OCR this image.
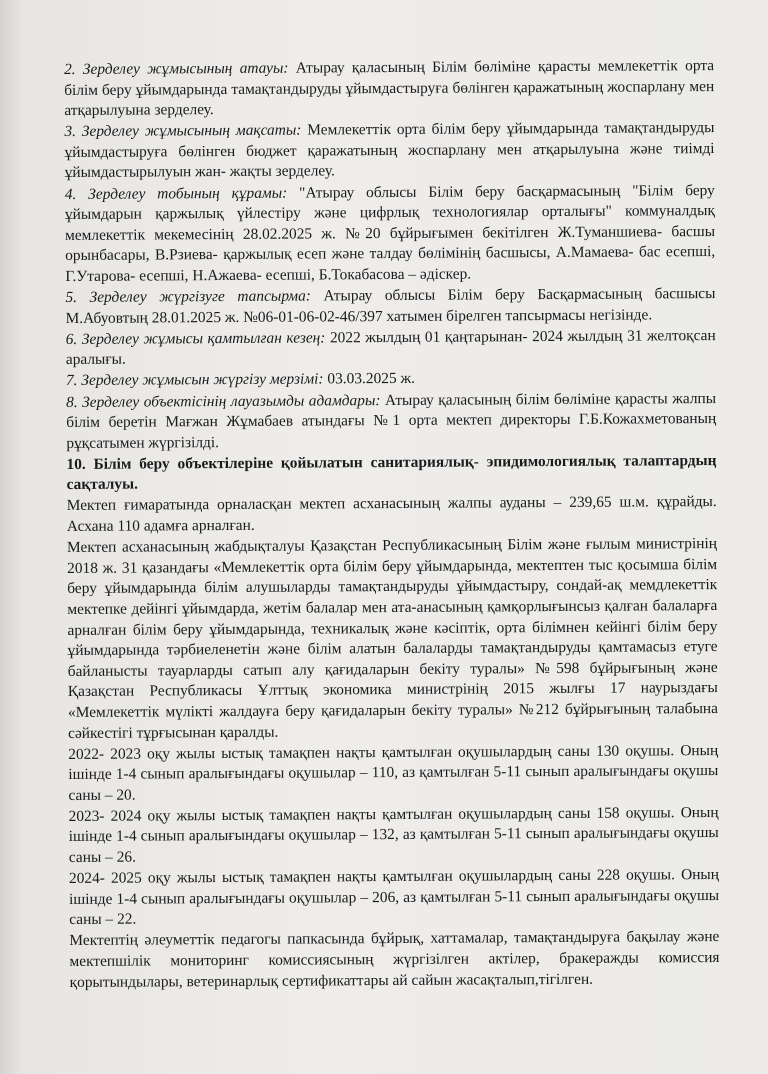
2. Зерделеу жұмысының атауы: Атырау қаласының Білім бөліміне қарасты мемлекеттік орта білім беру ұйымдарында тамақтандыруды ұйымдастыруға бөлінген қаражатының жоспарлану мен атқарылуына зерделеу.

3. Зерделеу жұмысының мақсаты: Мемлекеттік орта білім беру ұйымдарында тамақтандыруды ұйымдастыруға бөлінген бюджет қаражатының жоспарлану мен атқарылуына және тиімді ұйымдастырылуын жан- жақты зерделеу.

4. Зерделеу тобының құрамы: "Атырау облысы Білім беру басқармасының "Білім беру ұйымдарын қаржылық үйлестіру және цифрлық технологиялар орталығы" коммуналдық мемлекеттік мекемесінің 28.02.2025 ж. №20 бұйрығымен бекітілген Ж.Туманшиева- басшы орынбасары, В.Рзиева- қаржылық есеп және талдау бөлімінің басшысы, А.Мамаева- бас есепші, Г.Утарова- есепші, Н.Ажаева- есепші, Б.Токабасова – әдіскер.

5. Зерделеу жүргізуге тапсырма: Атырау облысы Білім беру Басқармасының басшысы М.Абуовтың 28.01.2025 ж. №06-01-06-02-46/397 хатымен бірелген тапсырмасы негізінде.

6. Зерделеу жұмысы қамтылған кезең: 2022 жылдың 01 қаңтарынан- 2024 жылдың 31 желтоқсан аралығы.

7. Зерделеу жұмысын жүргізу мерзімі: 03.03.2025 ж.

8. Зерделеу объектісінің лауазымды адамдары: Атырау қаласының білім бөліміне қарасты жалпы білім беретін Мағжан Жұмабаев атындағы №1 орта мектеп директоры Г.Б.Кожахметованың рұқсатымен жүргізілді.

10. Білім беру объектілеріне қойылатын санитариялық- эпидимологиялық талаптардың сақталуы.

Мектеп ғимаратында орналасқан мектеп асханасының жалпы ауданы – 239,65 ш.м. құрайды. Асхана 110 адамға арналған.

Мектеп асханасының жабдықталуы Қазақстан Республикасының Білім және ғылым министрінің 2018 ж. 31 қазандағы «Мемлекеттік орта білім беру ұйымдарында, мектептен тыс қосымша білім беру ұйымдарында білім алушыларды тамақтандыруды ұйымдастыру, сондай-ақ мемдлекеттік мектепке дейінгі ұйымдарда, жетім балалар мен ата-анасының қамқорлығынсыз қалған балаларға арналған білім беру ұйымдарында, техникалық және кәсіптік, орта білімнен кейінгі білім беру ұйымдарында тәрбиеленетін және білім алатын балаларды тамақтандыруды қамтамасыз етуге байланысты тауарларды сатып алу қағидаларын бекіту туралы» №598 бұйрығының және Қазақстан Республикасы Ұлттық экономика министрінің 2015 жылғы 17 наурыздағы «Мемлекеттік мүлікті жалдауға беру қағидаларын бекіту туралы» №212 бұйрығының талабына сәйкестігі тұрғысынан қаралды.

2022- 2023 оқу жылы ыстық тамақпен нақты қамтылған оқушылардың саны 130 оқушы. Оның ішінде 1-4 сынып аралығындағы оқушылар – 110, аз қамтылған 5-11 сынып аралығындағы оқушы саны – 20.

2023- 2024 оқу жылы ыстық тамақпен нақты қамтылған оқушылардың саны 158 оқушы. Оның ішінде 1-4 сынып аралығындағы оқушылар – 132, аз қамтылған 5-11 сынып аралығындағы оқушы саны – 26.

2024- 2025 оқу жылы ыстық тамақпен нақты қамтылған оқушылардың саны 228 оқушы. Оның ішінде 1-4 сынып аралығындағы оқушылар – 206, аз қамтылған 5-11 сынып аралығындағы оқушы саны – 22.

Мектептің әлеуметтік педагогы папкасында бұйрық, хаттамалар, тамақтандыруға бақылау және мектепшілік мониторинг комиссиясының жүргізілген актілер, бракеражды комиссия қорытындылары, ветеринарлық сертификаттары ай сайын жасақталып,тігілген.
